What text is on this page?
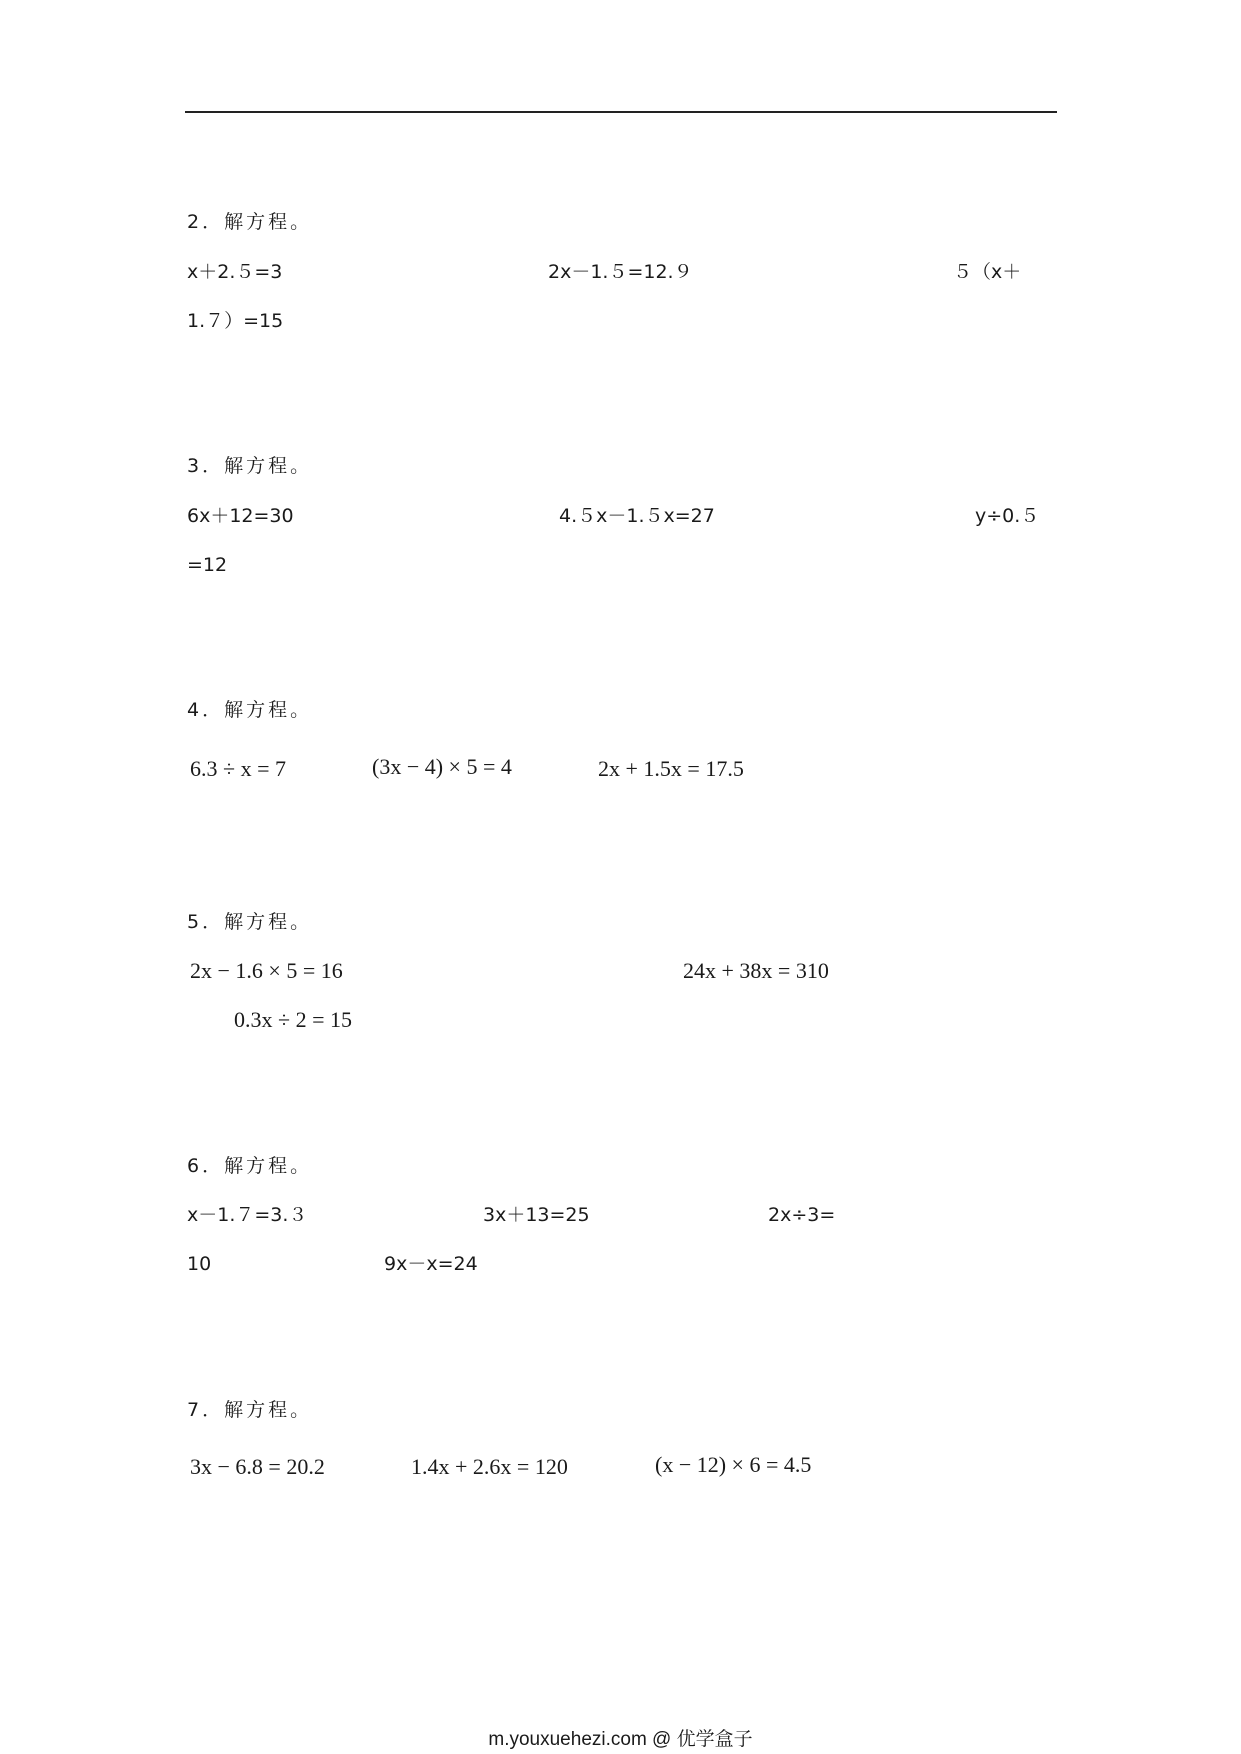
2．解方程。
x＋2.５=3	2x－1.５=12.９	５（x＋
1.７）=15
3．解方程。
6x＋12=30	4.５x－1.５x=27	y÷0.５
=12
4．解方程。
6.3 ÷ x = 7	(3x − 4) × 5 = 4	2x + 1.5x = 17.5
5．解方程。
2x − 1.6 × 5 = 16	24x + 38x = 310
0.3x ÷ 2 = 15
6．解方程。
x－1.７=3.３	3x＋13=25	2x÷3=
10	9x－x=24
7．解方程。
3x − 6.8 = 20.2	1.4x + 2.6x = 120	(x − 12) × 6 = 4.5
m.youxuehezi.com @ 优学盒子
